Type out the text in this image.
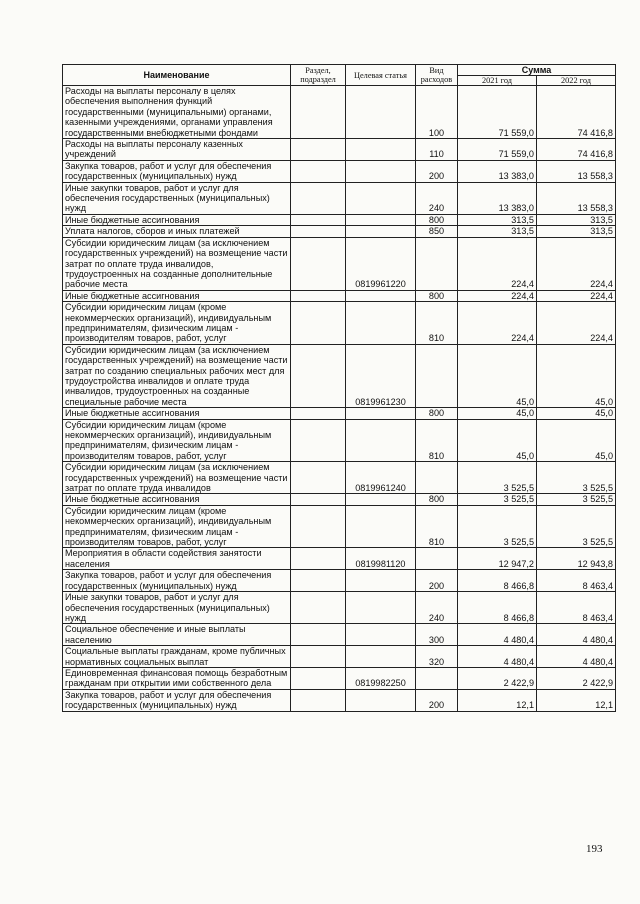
Наименование	Раздел, подраздел	Целевая статья	Вид расходов	Сумма	
				2021 год	2022 год
Расходы на выплаты персоналу в целях обеспечения выполнения функций государственными (муниципальными) органами, казенными учреждениями, органами управления государственными внебюджетными фондами			100	71 559,0	74 416,8
Расходы на выплаты персоналу казенных учреждений			110	71 559,0	74 416,8
Закупка товаров, работ и услуг для обеспечения государственных (муниципальных) нужд			200	13 383,0	13 558,3
Иные закупки товаров, работ и услуг для обеспечения государственных (муниципальных) нужд			240	13 383,0	13 558,3
Иные бюджетные ассигнования			800	313,5	313,5
Уплата налогов, сборов и иных платежей			850	313,5	313,5
Субсидии юридическим лицам (за исключением государственных учреждений) на возмещение части затрат по оплате труда инвалидов, трудоустроенных на созданные дополнительные рабочие места		0819961220		224,4	224,4
Иные бюджетные ассигнования			800	224,4	224,4
Субсидии юридическим лицам (кроме некоммерческих организаций), индивидуальным предпринимателям, физическим лицам - производителям товаров, работ, услуг			810	224,4	224,4
Субсидии юридическим лицам (за исключением государственных учреждений) на возмещение части затрат по созданию специальных рабочих мест для трудоустройства инвалидов и оплате труда инвалидов, трудоустроенных на созданные специальные рабочие места		0819961230		45,0	45,0
Иные бюджетные ассигнования			800	45,0	45,0
Субсидии юридическим лицам (кроме некоммерческих организаций), индивидуальным предпринимателям, физическим лицам - производителям товаров, работ, услуг			810	45,0	45,0
Субсидии юридическим лицам (за исключением государственных учреждений) на возмещение части затрат по оплате труда инвалидов		0819961240		3 525,5	3 525,5
Иные бюджетные ассигнования			800	3 525,5	3 525,5
Субсидии юридическим лицам (кроме некоммерческих организаций), индивидуальным предпринимателям, физическим лицам - производителям товаров, работ, услуг			810	3 525,5	3 525,5
Мероприятия в области содействия занятости населения		0819981120		12 947,2	12 943,8
Закупка товаров, работ и услуг для обеспечения государственных (муниципальных) нужд			200	8 466,8	8 463,4
Иные закупки товаров, работ и услуг для обеспечения государственных (муниципальных) нужд			240	8 466,8	8 463,4
Социальное обеспечение и иные выплаты населению			300	4 480,4	4 480,4
Социальные выплаты гражданам, кроме публичных нормативных социальных выплат			320	4 480,4	4 480,4
Единовременная финансовая помощь безработным гражданам при открытии ими собственного дела		0819982250		2 422,9	2 422,9
Закупка товаров, работ и услуг для обеспечения государственных (муниципальных) нужд			200	12,1	12,1
193
